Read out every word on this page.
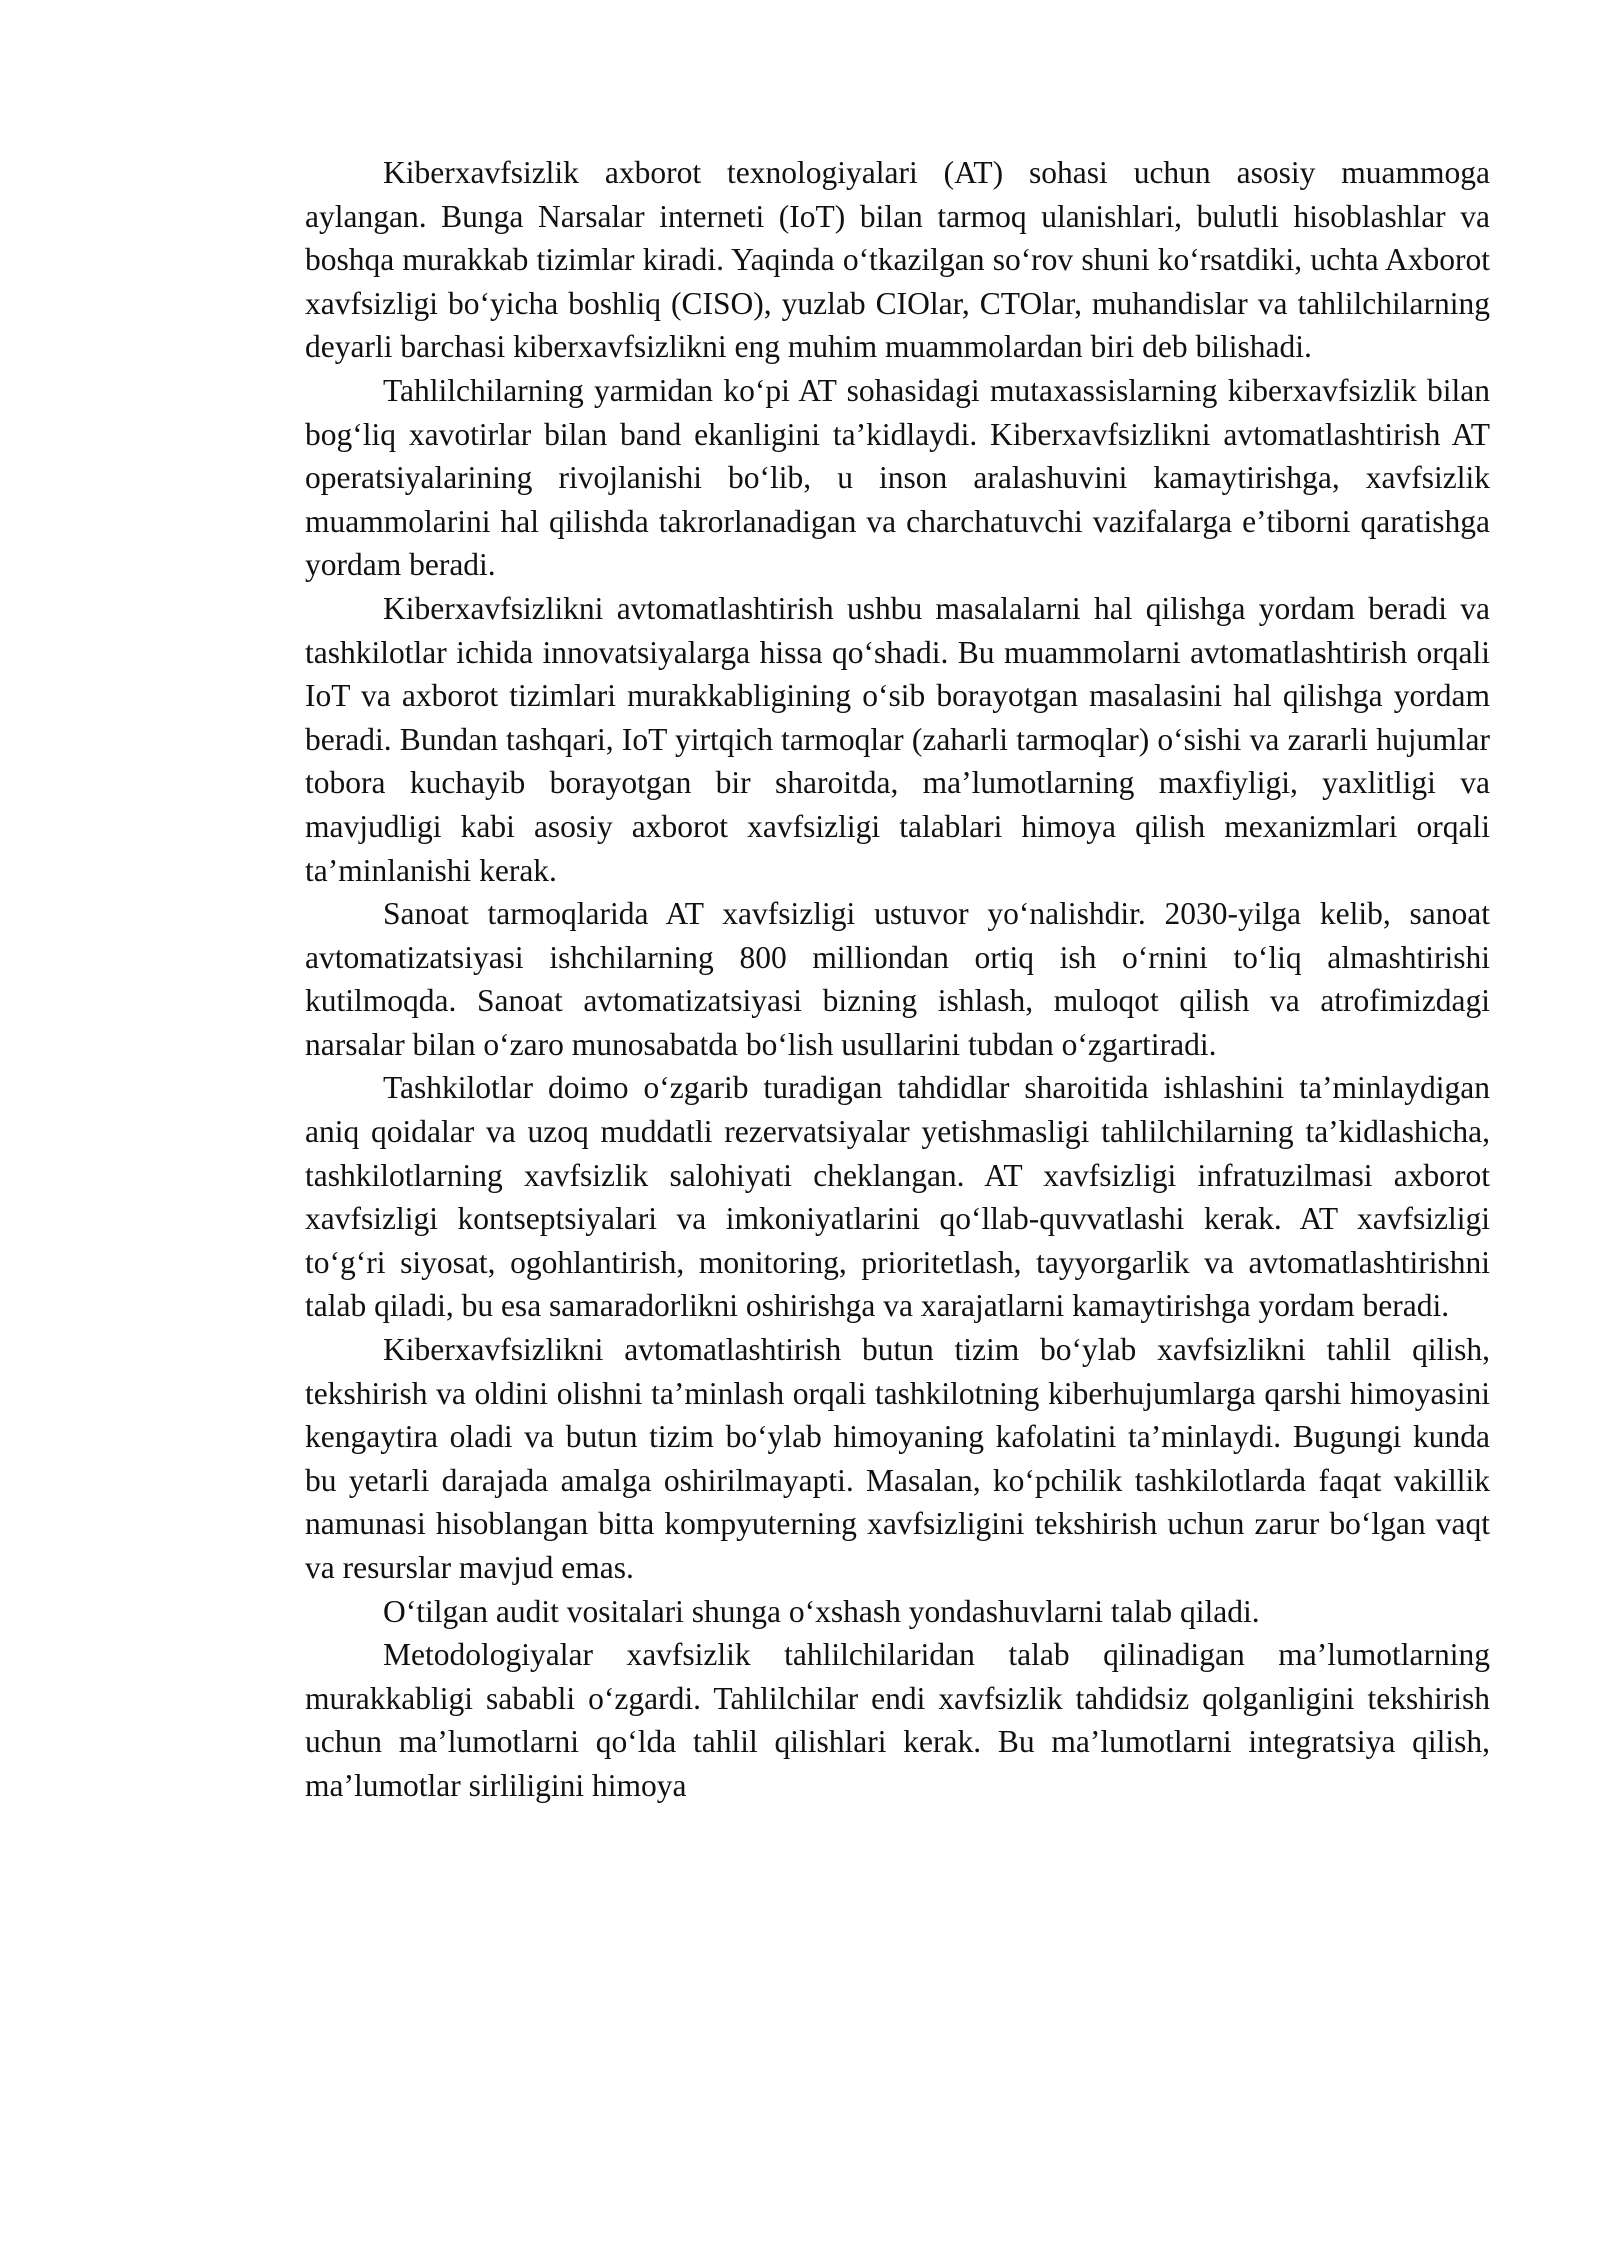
Kiberxavfsizlik axborot texnologiyalari (AT) sohasi uchun asosiy muammoga aylangan. Bunga Narsalar interneti (IoT) bilan tarmoq ulanishlari, bulutli hisoblashlar va boshqa murakkab tizimlar kiradi. Yaqinda oʻtkazilgan soʻrov shuni koʻrsatdiki, uchta Axborot xavfsizligi boʻyicha boshliq (CISO), yuzlab CIOlar, CTOlar, muhandislar va tahlilchilarning deyarli barchasi kiberxavfsizlikni eng muhim muammolardan biri deb bilishadi.

Tahlilchilarning yarmidan koʻpi AT sohasidagi mutaxassislarning kiberxavfsizlik bilan bogʻliq xavotirlar bilan band ekanligini taʼkidlaydi. Kiberxavfsizlikni avtomatlashtirish AT operatsiyalarining rivojlanishi boʻlib, u inson aralashuvini kamaytirishga, xavfsizlik muammolarini hal qilishda takrorlanadigan va charchatuvchi vazifalarga eʼtiborni qaratishga yordam beradi.

Kiberxavfsizlikni avtomatlashtirish ushbu masalalarni hal qilishga yordam beradi va tashkilotlar ichida innovatsiyalarga hissa qoʻshadi. Bu muammolarni avtomatlashtirish orqali IoT va axborot tizimlari murakkabligining oʻsib borayotgan masalasini hal qilishga yordam beradi. Bundan tashqari, IoT yirtqich tarmoqlar (zaharli tarmoqlar) oʻsishi va zararli hujumlar tobora kuchayib borayotgan bir sharoitda, maʼlumotlarning maxfiyligi, yaxlitligi va mavjudligi kabi asosiy axborot xavfsizligi talablari himoya qilish mexanizmlari orqali taʼminlanishi kerak.

Sanoat tarmoqlarida AT xavfsizligi ustuvor yoʻnalishdir. 2030-yilga kelib, sanoat avtomatizatsiyasi ishchilarning 800 milliondan ortiq ish oʻrnini toʻliq almashtirishi kutilmoqda. Sanoat avtomatizatsiyasi bizning ishlash, muloqot qilish va atrofimizdagi narsalar bilan oʻzaro munosabatda boʻlish usullarini tubdan oʻzgartiradi.

Tashkilotlar doimo oʻzgarib turadigan tahdidlar sharoitida ishlashini taʼminlaydigan aniq qoidalar va uzoq muddatli rezervatsiyalar yetishmasligi tahlilchilarning taʼkidlashicha, tashkilotlarning xavfsizlik salohiyati cheklangan. AT xavfsizligi infratuzilmasi axborot xavfsizligi kontseptsiyalari va imkoniyatlarini qoʻllab-quvvatlashi kerak. AT xavfsizligi toʻgʻri siyosat, ogohlantirish, monitoring, prioritetlash, tayyorgarlik va avtomatlashtirishni talab qiladi, bu esa samaradorlikni oshirishga va xarajatlarni kamaytirishga yordam beradi.

Kiberxavfsizlikni avtomatlashtirish butun tizim boʻylab xavfsizlikni tahlil qilish, tekshirish va oldini olishni taʼminlash orqali tashkilotning kiberhujumlarga qarshi himoyasini kengaytira oladi va butun tizim boʻylab himoyaning kafolatini taʼminlaydi. Bugungi kunda bu yetarli darajada amalga oshirilmayapti. Masalan, koʻpchilik tashkilotlarda faqat vakillik namunasi hisoblangan bitta kompyuterning xavfsizligini tekshirish uchun zarur boʻlgan vaqt va resurslar mavjud emas.

Oʻtilgan audit vositalari shunga oʻxshash yondashuvlarni talab qiladi.

Metodologiyalar xavfsizlik tahlilchilaridan talab qilinadigan maʼlumotlarning murakkabligi sababli oʻzgardi. Tahlilchilar endi xavfsizlik tahdidsiz qolganligini tekshirish uchun maʼlumotlarni qoʻlda tahlil qilishlari kerak. Bu maʼlumotlarni integratsiya qilish, maʼlumotlar sirliligini himoya
